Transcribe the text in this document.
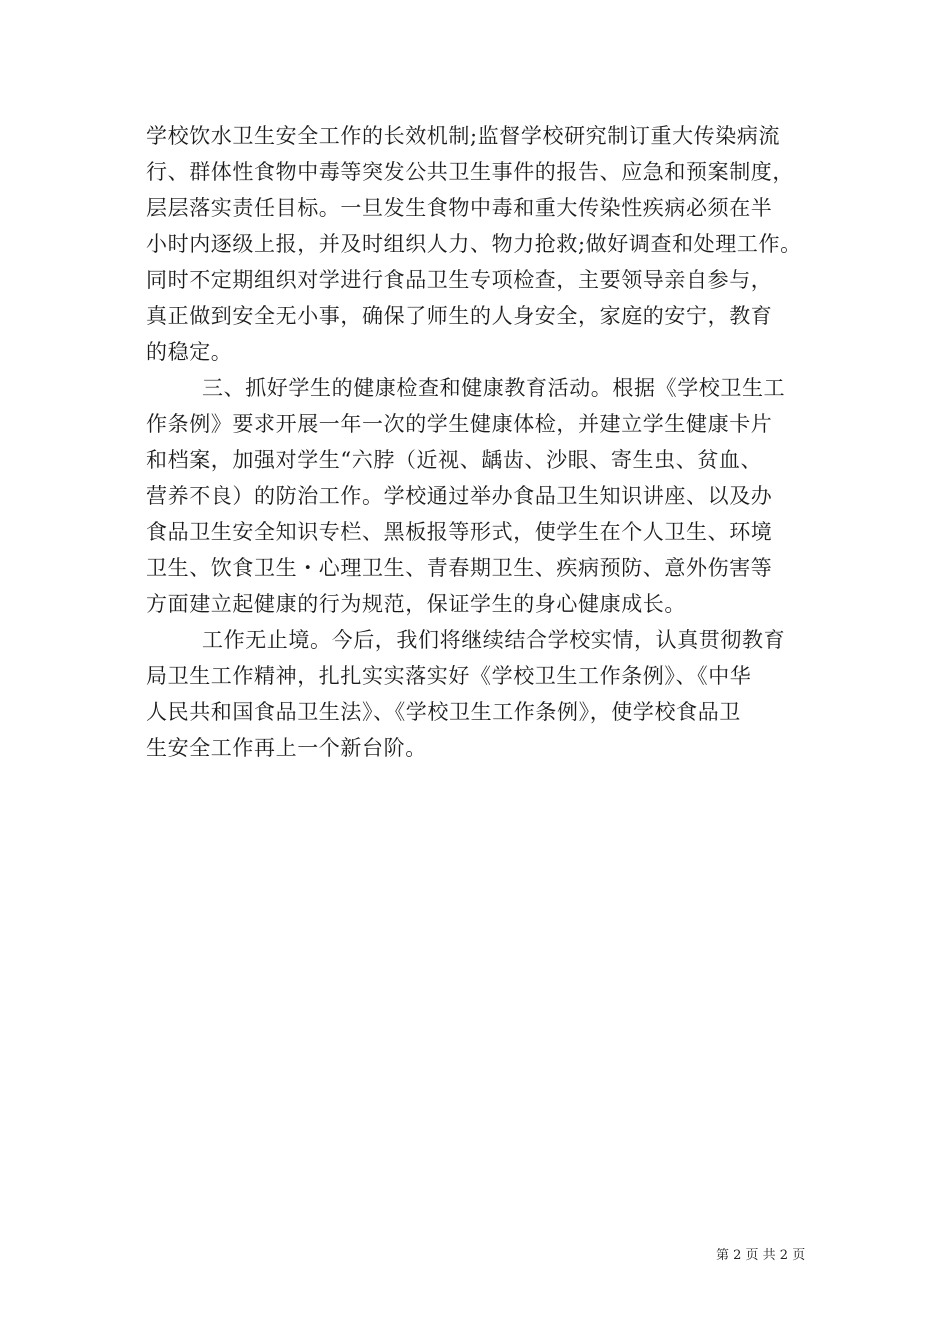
学校饮水卫生安全工作的长效机制;监督学校研究制订重大传染病流
行、群体性食物中毒等突发公共卫生事件的报告、应急和预案制度，
层层落实责任目标。一旦发生食物中毒和重大传染性疾病必须在半
小时内逐级上报，并及时组织人力、物力抢救;做好调查和处理工作。
同时不定期组织对学进行食品卫生专项检查，主要领导亲自参与，
真正做到安全无小事，确保了师生的人身安全，家庭的安宁，教育
的稳定。
三、抓好学生的健康检查和健康教育活动。根据《学校卫生工
作条例》要求开展一年一次的学生健康体检，并建立学生健康卡片
和档案，加强对学生“六脖（近视、龋齿、沙眼、寄生虫、贫血、
营养不良）的防治工作。学校通过举办食品卫生知识讲座、以及办
食品卫生安全知识专栏、黑板报等形式，使学生在个人卫生、环境
卫生、饮食卫生・心理卫生、青春期卫生、疾病预防、意外伤害等
方面建立起健康的行为规范，保证学生的身心健康成长。
工作无止境。今后，我们将继续结合学校实情，认真贯彻教育
局卫生工作精神，扎扎实实落实好《学校卫生工作条例》、《中华
人民共和国食品卫生法》、《学校卫生工作条例》，使学校食品卫
生安全工作再上一个新台阶。
第 2 页 共 2 页
